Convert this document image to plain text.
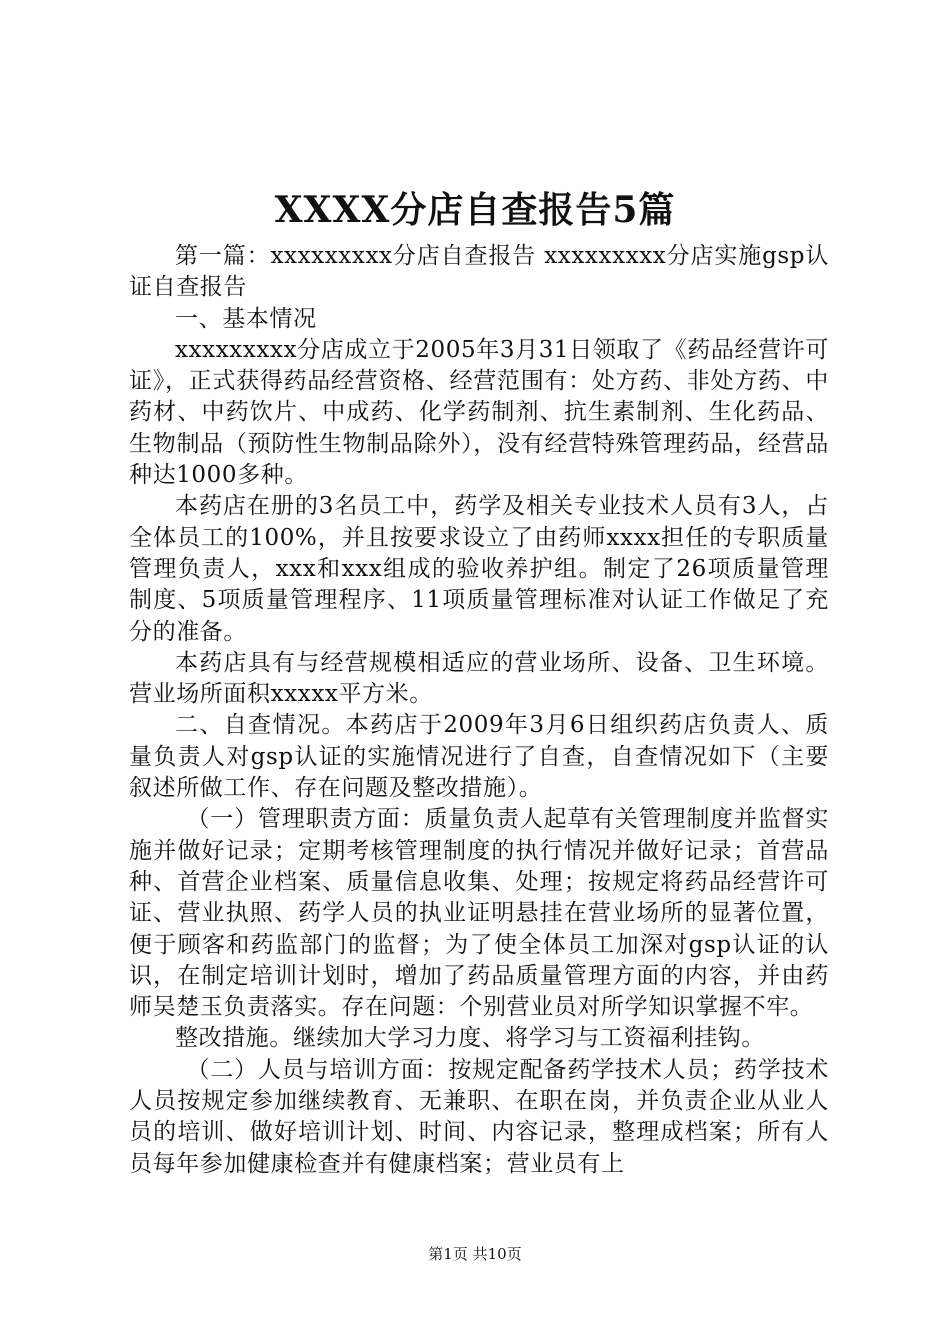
XXXX分店自查报告5篇

第一篇：xxxxxxxxx分店自查报告 xxxxxxxxx分店实施gsp认证自查报告

一、基本情况

xxxxxxxxx分店成立于2005年3月31日领取了《药品经营许可证》，正式获得药品经营资格、经营范围有：处方药、非处方药、中药材、中药饮片、中成药、化学药制剂、抗生素制剂、生化药品、生物制品（预防性生物制品除外），没有经营特殊管理药品，经营品种达1000多种。

本药店在册的3名员工中，药学及相关专业技术人员有3人，占全体员工的100%，并且按要求设立了由药师xxxx担任的专职质量管理负责人，xxx和xxx组成的验收养护组。制定了26项质量管理制度、5项质量管理程序、11项质量管理标准对认证工作做足了充分的准备。

本药店具有与经营规模相适应的营业场所、设备、卫生环境。营业场所面积xxxxx平方米。

二、自查情况。本药店于2009年3月6日组织药店负责人、质量负责人对gsp认证的实施情况进行了自查，自查情况如下（主要叙述所做工作、存在问题及整改措施）。

（一）管理职责方面：质量负责人起草有关管理制度并监督实施并做好记录；定期考核管理制度的执行情况并做好记录；首营品种、首营企业档案、质量信息收集、处理；按规定将药品经营许可证、营业执照、药学人员的执业证明悬挂在营业场所的显著位置，便于顾客和药监部门的监督；为了使全体员工加深对gsp认证的认识，在制定培训计划时，增加了药品质量管理方面的内容，并由药师吴楚玉负责落实。存在问题：个别营业员对所学知识掌握不牢。

整改措施。继续加大学习力度、将学习与工资福利挂钩。

（二）人员与培训方面：按规定配备药学技术人员；药学技术人员按规定参加继续教育、无兼职、在职在岗，并负责企业从业人员的培训、做好培训计划、时间、内容记录，整理成档案；所有人员每年参加健康检查并有健康档案；营业员有上

第1页 共10页
